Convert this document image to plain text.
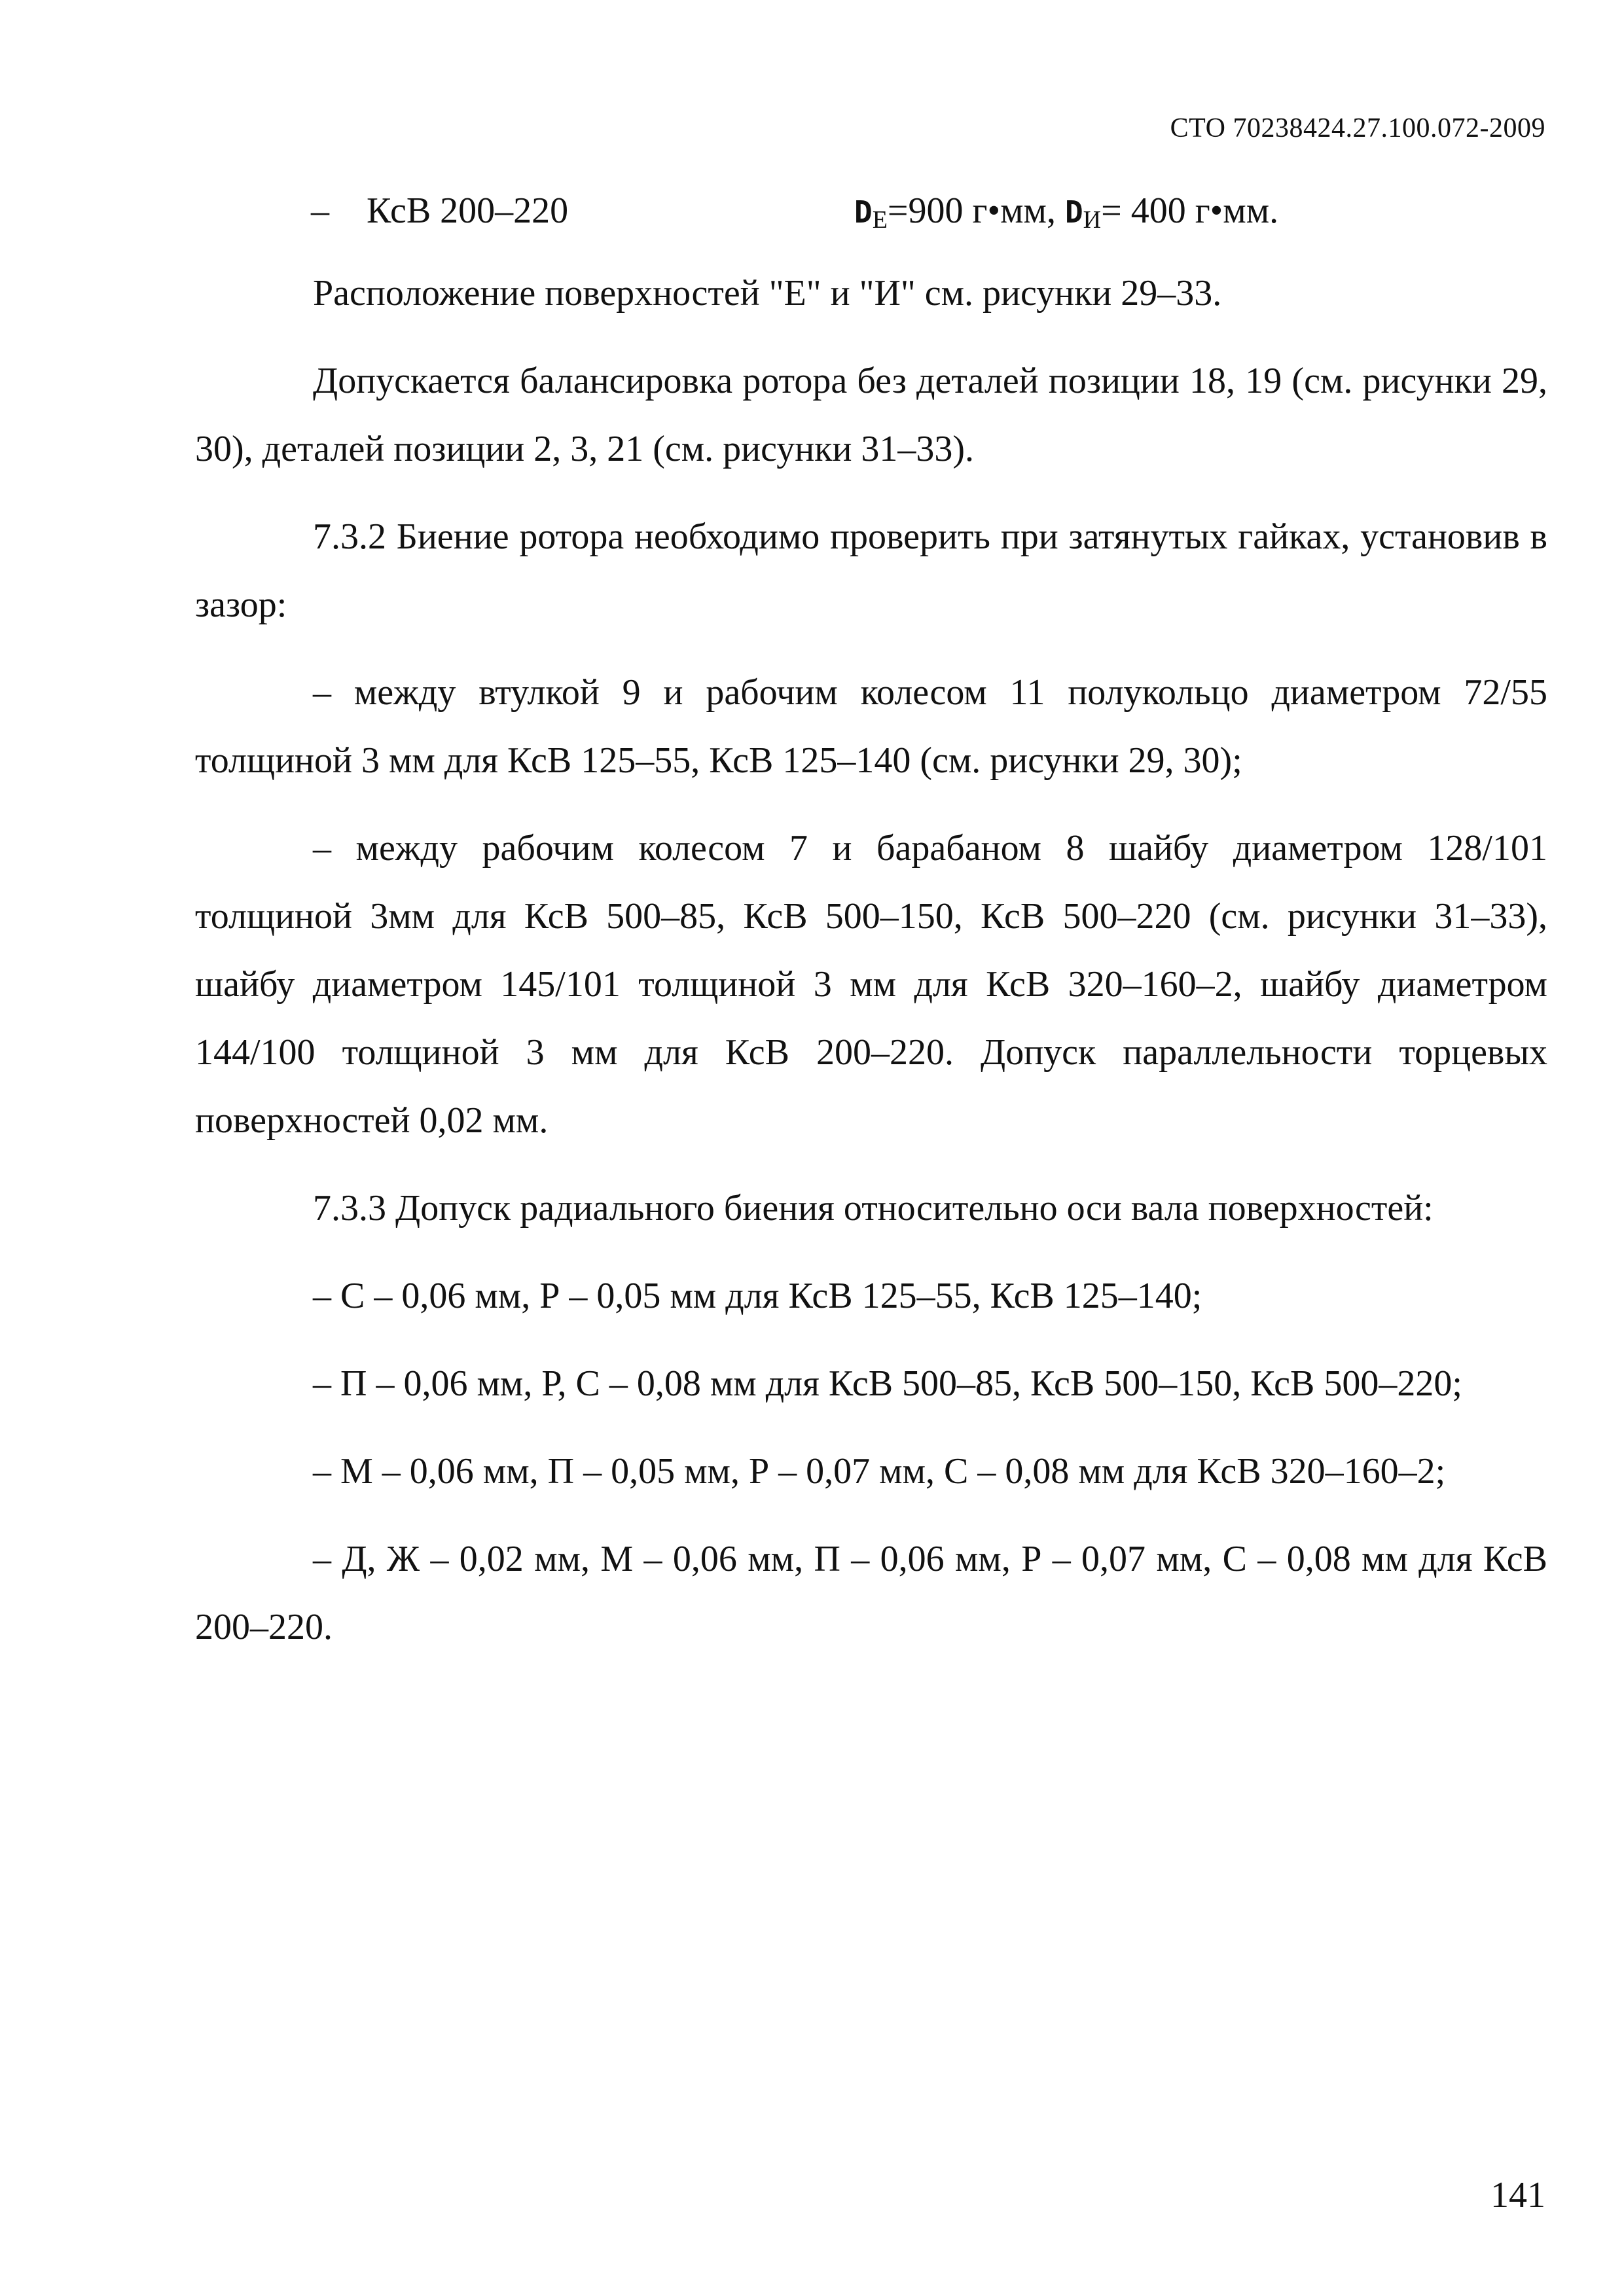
СТО 70238424.27.100.072-2009
– КсВ 200–220	$D_Е=900$ г•мм, $D_И= 400$ г•мм.

Расположение поверхностей "Е" и "И" см. рисунки 29–33.

Допускается балансировка ротора без деталей позиции 18, 19 (см. рисунки 29, 30), деталей позиции 2, 3, 21 (см. рисунки 31–33).

7.3.2 Биение ротора необходимо проверить при затянутых гайках, установив в зазор:

– между втулкой 9 и рабочим колесом 11 полукольцо диаметром 72/55 толщиной 3 мм для КсВ 125–55, КсВ 125–140 (см. рисунки 29, 30);

– между рабочим колесом 7 и барабаном 8 шайбу диаметром 128/101 толщиной 3мм для КсВ 500–85, КсВ 500–150, КсВ 500–220 (см. рисунки 31–33), шайбу диаметром 145/101 толщиной 3 мм для КсВ 320–160–2, шайбу диаметром 144/100 толщиной 3 мм для КсВ 200–220. Допуск параллельности торцевых поверхностей 0,02 мм.

7.3.3 Допуск радиального биения относительно оси вала поверхностей:

– С – 0,06 мм, Р – 0,05 мм для КсВ 125–55, КсВ 125–140;

– П – 0,06 мм, Р, С – 0,08 мм для КсВ 500–85, КсВ 500–150, КсВ 500–220;

– М – 0,06 мм, П – 0,05 мм, Р – 0,07 мм, С – 0,08 мм для КсВ 320–160–2;

– Д, Ж – 0,02 мм, М – 0,06 мм, П – 0,06 мм, Р – 0,07 мм, С – 0,08 мм для КсВ 200–220.

141
